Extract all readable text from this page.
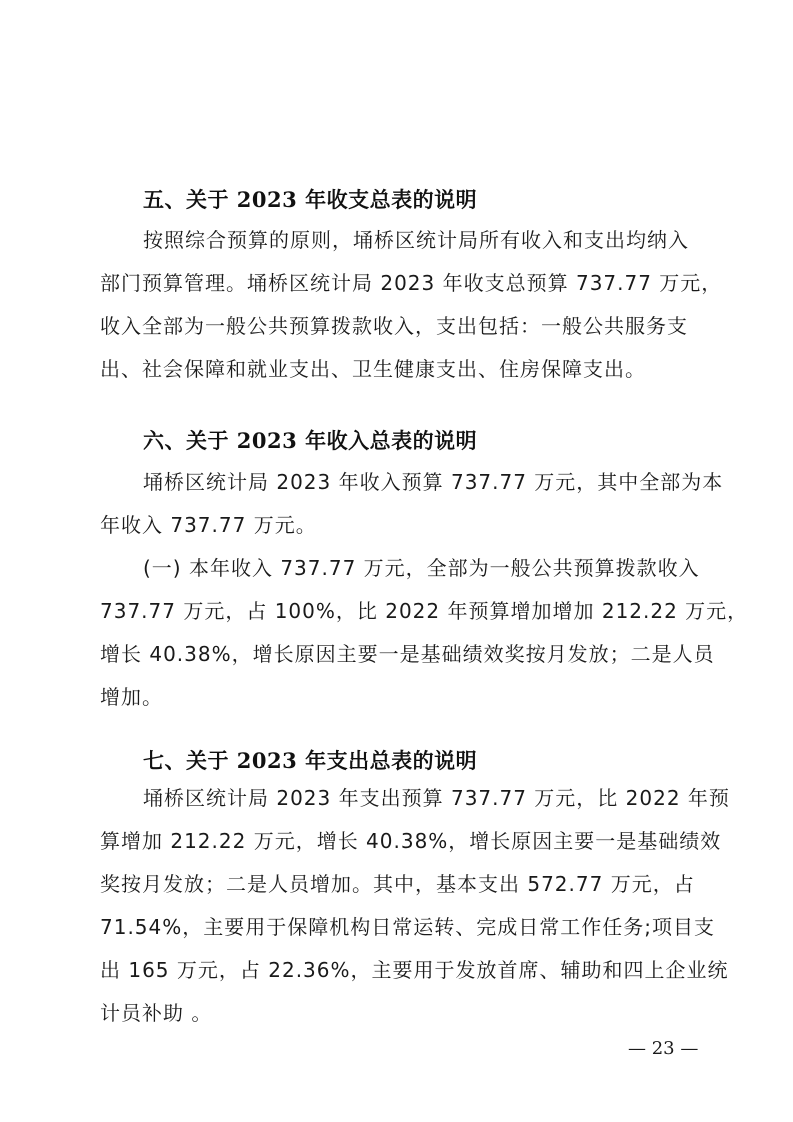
五、关于 2023 年收支总表的说明
按照综合预算的原则，埇桥区统计局所有收入和支出均纳入
部门预算管理。埇桥区统计局 2023 年收支总预算 737.77 万元，
收入全部为一般公共预算拨款收入，支出包括：一般公共服务支
出、社会保障和就业支出、卫生健康支出、住房保障支出。
六、关于 2023 年收入总表的说明
埇桥区统计局 2023 年收入预算 737.77 万元，其中全部为本
年收入 737.77 万元。
(一) 本年收入 737.77 万元，全部为一般公共预算拨款收入
737.77 万元，占 100%，比 2022 年预算增加增加 212.22 万元，
增长 40.38%，增长原因主要一是基础绩效奖按月发放；二是人员
增加。
七、关于 2023 年支出总表的说明
埇桥区统计局 2023 年支出预算 737.77 万元，比 2022 年预
算增加 212.22 万元，增长 40.38%，增长原因主要一是基础绩效
奖按月发放；二是人员增加。其中，基本支出 572.77 万元，占
71.54%，主要用于保障机构日常运转、完成日常工作任务;项目支
出 165 万元，占 22.36%，主要用于发放首席、辅助和四上企业统
计员补助 。
— 23 —
